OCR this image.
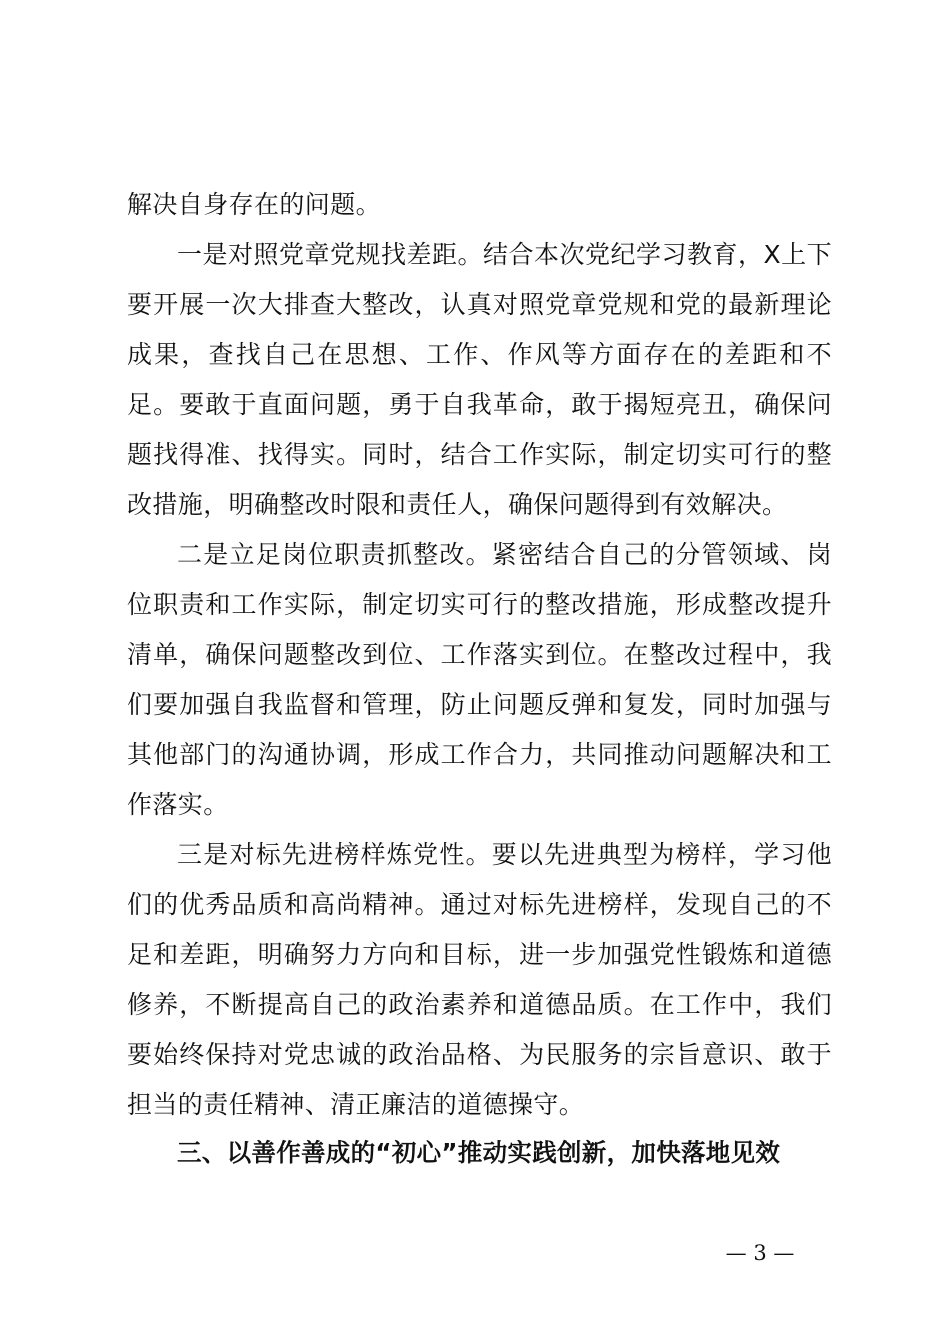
解决自身存在的问题。

一是对照党章党规找差距。结合本次党纪学习教育，X上下要开展一次大排查大整改，认真对照党章党规和党的最新理论成果，查找自己在思想、工作、作风等方面存在的差距和不足。要敢于直面问题，勇于自我革命，敢于揭短亮丑，确保问题找得准、找得实。同时，结合工作实际，制定切实可行的整改措施，明确整改时限和责任人，确保问题得到有效解决。

二是立足岗位职责抓整改。紧密结合自己的分管领域、岗位职责和工作实际，制定切实可行的整改措施，形成整改提升清单，确保问题整改到位、工作落实到位。在整改过程中，我们要加强自我监督和管理，防止问题反弹和复发，同时加强与其他部门的沟通协调，形成工作合力，共同推动问题解决和工作落实。

三是对标先进榜样炼党性。要以先进典型为榜样，学习他们的优秀品质和高尚精神。通过对标先进榜样，发现自己的不足和差距，明确努力方向和目标，进一步加强党性锻炼和道德修养，不断提高自己的政治素养和道德品质。在工作中，我们要始终保持对党忠诚的政治品格、为民服务的宗旨意识、敢于担当的责任精神、清正廉洁的道德操守。

三、以善作善成的“初心”推动实践创新，加快落地见效

— 3 —
